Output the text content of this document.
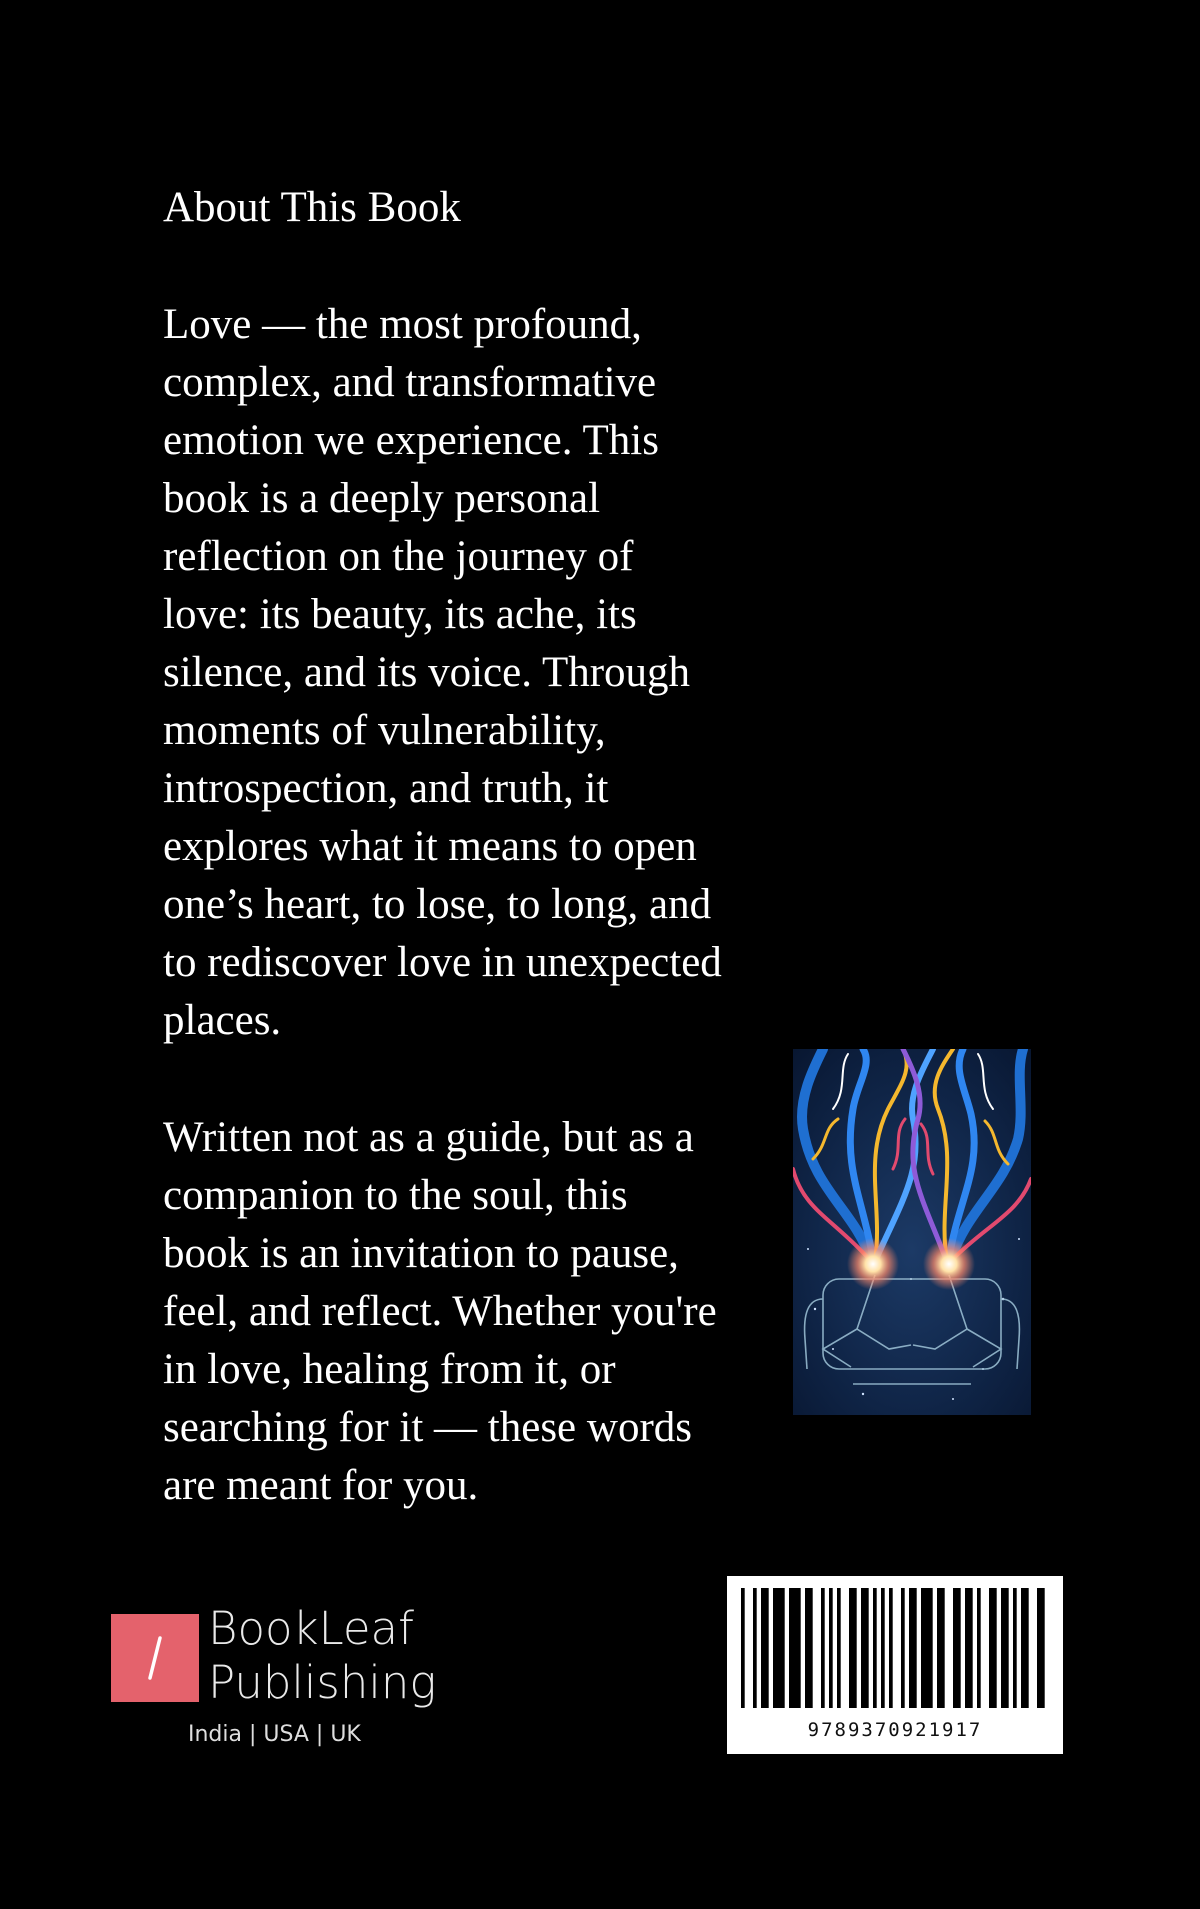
About This Book
Love — the most profound,
complex, and transformative
emotion we experience. This
book is a deeply personal
reflection on the journey of
love: its beauty, its ache, its
silence, and its voice. Through
moments of vulnerability,
introspection, and truth, it
explores what it means to open
one’s heart, to lose, to long, and
to rediscover love in unexpected
places.
Written not as a guide, but as a
companion to the soul, this
book is an invitation to pause,
feel, and reflect. Whether you're
in love, healing from it, or
searching for it — these words
are meant for you.
BookLeaf
Publishing
India | USA | UK	9789370921917
